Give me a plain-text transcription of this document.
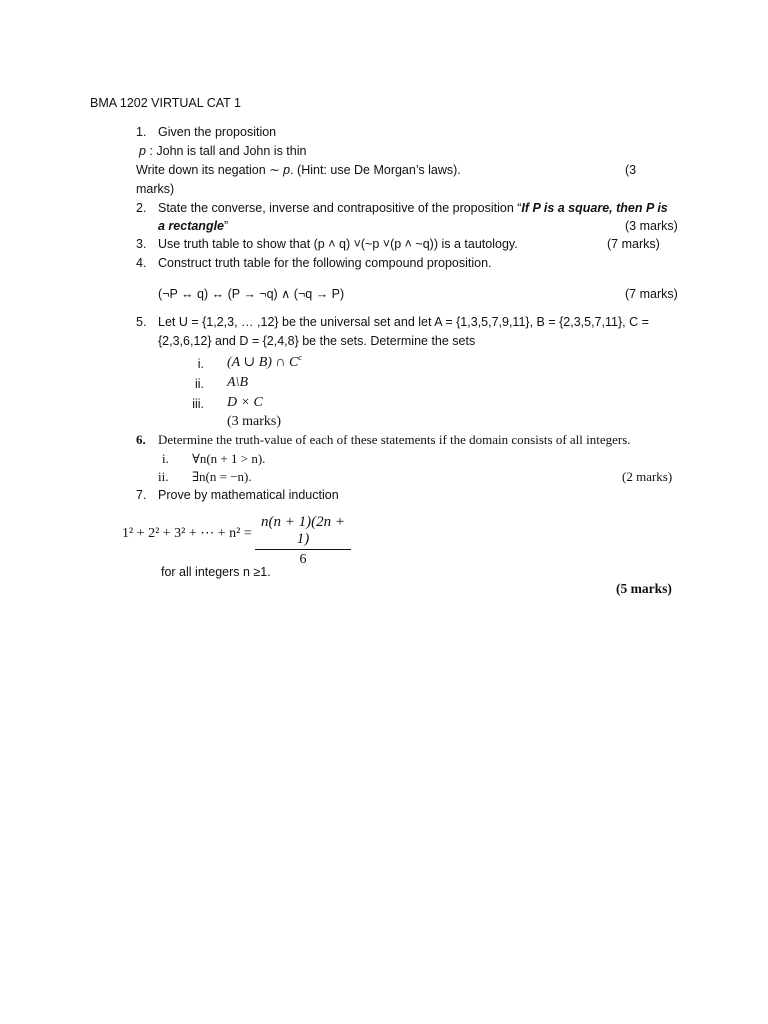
BMA 1202 VIRTUAL CAT 1
1. Given the proposition
p : John is tall and John is thin
Write down its negation ∼ p. (Hint: use De Morgan’s laws).	(3
marks)
2. State the converse, inverse and contrapositive of the proposition “If P is a square, then P is
a rectangle”	(3 marks)
3. Use truth table to show that (p ˄ q) ˅(~p ˅(p ˄ ~q)) is a tautology.	(7 marks)
4. Construct truth table for the following compound proposition.
(¬P ↔ q) ↔ (P → ¬q) ∧ (¬q → P)	(7 marks)
5. Let U = {1,2,3, … ,12} be the universal set and let A = {1,3,5,7,9,11}, B = {2,3,5,7,11}, C =
{2,3,6,12} and D = {2,4,8} be the sets. Determine the sets
i. (A ∪ B) ∩ $C^c$
ii. A\B
iii. D × C
(3 marks)
6. Determine the truth-value of each of these statements if the domain consists of all integers.
i. ∀n(n + 1 > n).
ii. ∃n(n = −n).	(2 marks)
7. Prove by mathematical induction
1² + 2² + 3² + ⋯ + $n^2 = \frac{n(n + 1)(2n + 1)}{6}$
for all integers n ≥1.
(5 marks)
